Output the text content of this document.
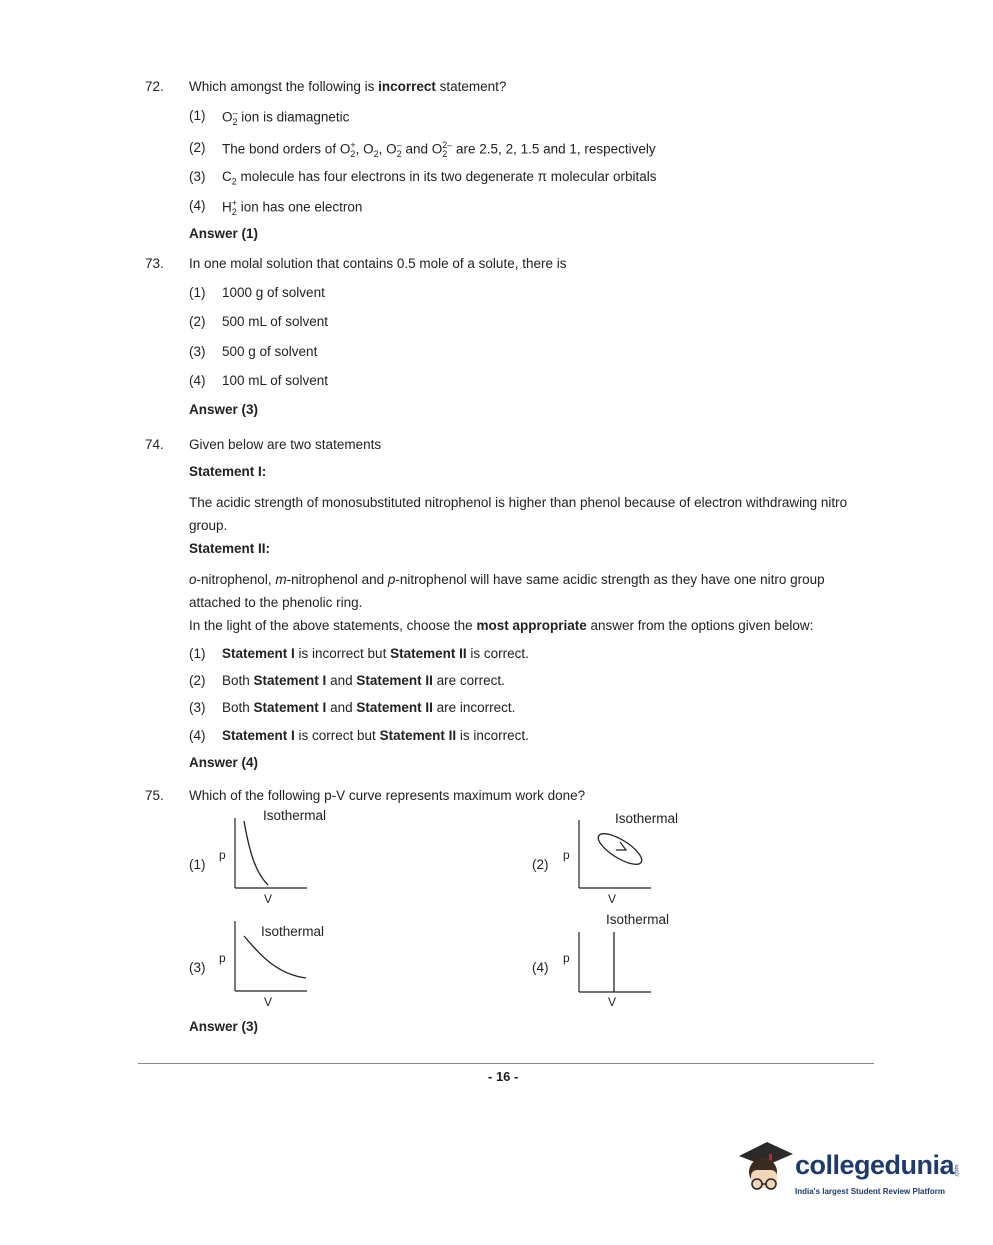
72. Which amongst the following is incorrect statement?
(1) $O_2^-$ ion is diamagnetic
(2) The bond orders of $O_2^+$, $O_2$, $O_2^-$ and $O_2^{2-}$ are 2.5, 2, 1.5 and 1, respectively
(3) $C_2$ molecule has four electrons in its two degenerate π molecular orbitals
(4) $H_2^+$ ion has one electron
Answer (1)
73. In one molal solution that contains 0.5 mole of a solute, there is
(1) 1000 g of solvent
(2) 500 mL of solvent
(3) 500 g of solvent
(4) 100 mL of solvent
Answer (3)
74. Given below are two statements
Statement I:
The acidic strength of monosubstituted nitrophenol is higher than phenol because of electron withdrawing nitro group.
Statement II:
o-nitrophenol, m-nitrophenol and p-nitrophenol will have same acidic strength as they have one nitro group attached to the phenolic ring.
In the light of the above statements, choose the most appropriate answer from the options given below:
(1) Statement I is incorrect but Statement II is correct.
(2) Both Statement I and Statement II are correct.
(3) Both Statement I and Statement II are incorrect.
(4) Statement I is correct but Statement II is incorrect.
Answer (4)
75. Which of the following p-V curve represents maximum work done?
(1)
Isothermal
p
V
(2)
Isothermal
p
V
(3)
Isothermal
p
V
(4)
Isothermal
p
V
Answer (3)
- 16 -
collegedunia .com
India's largest Student Review Platform
